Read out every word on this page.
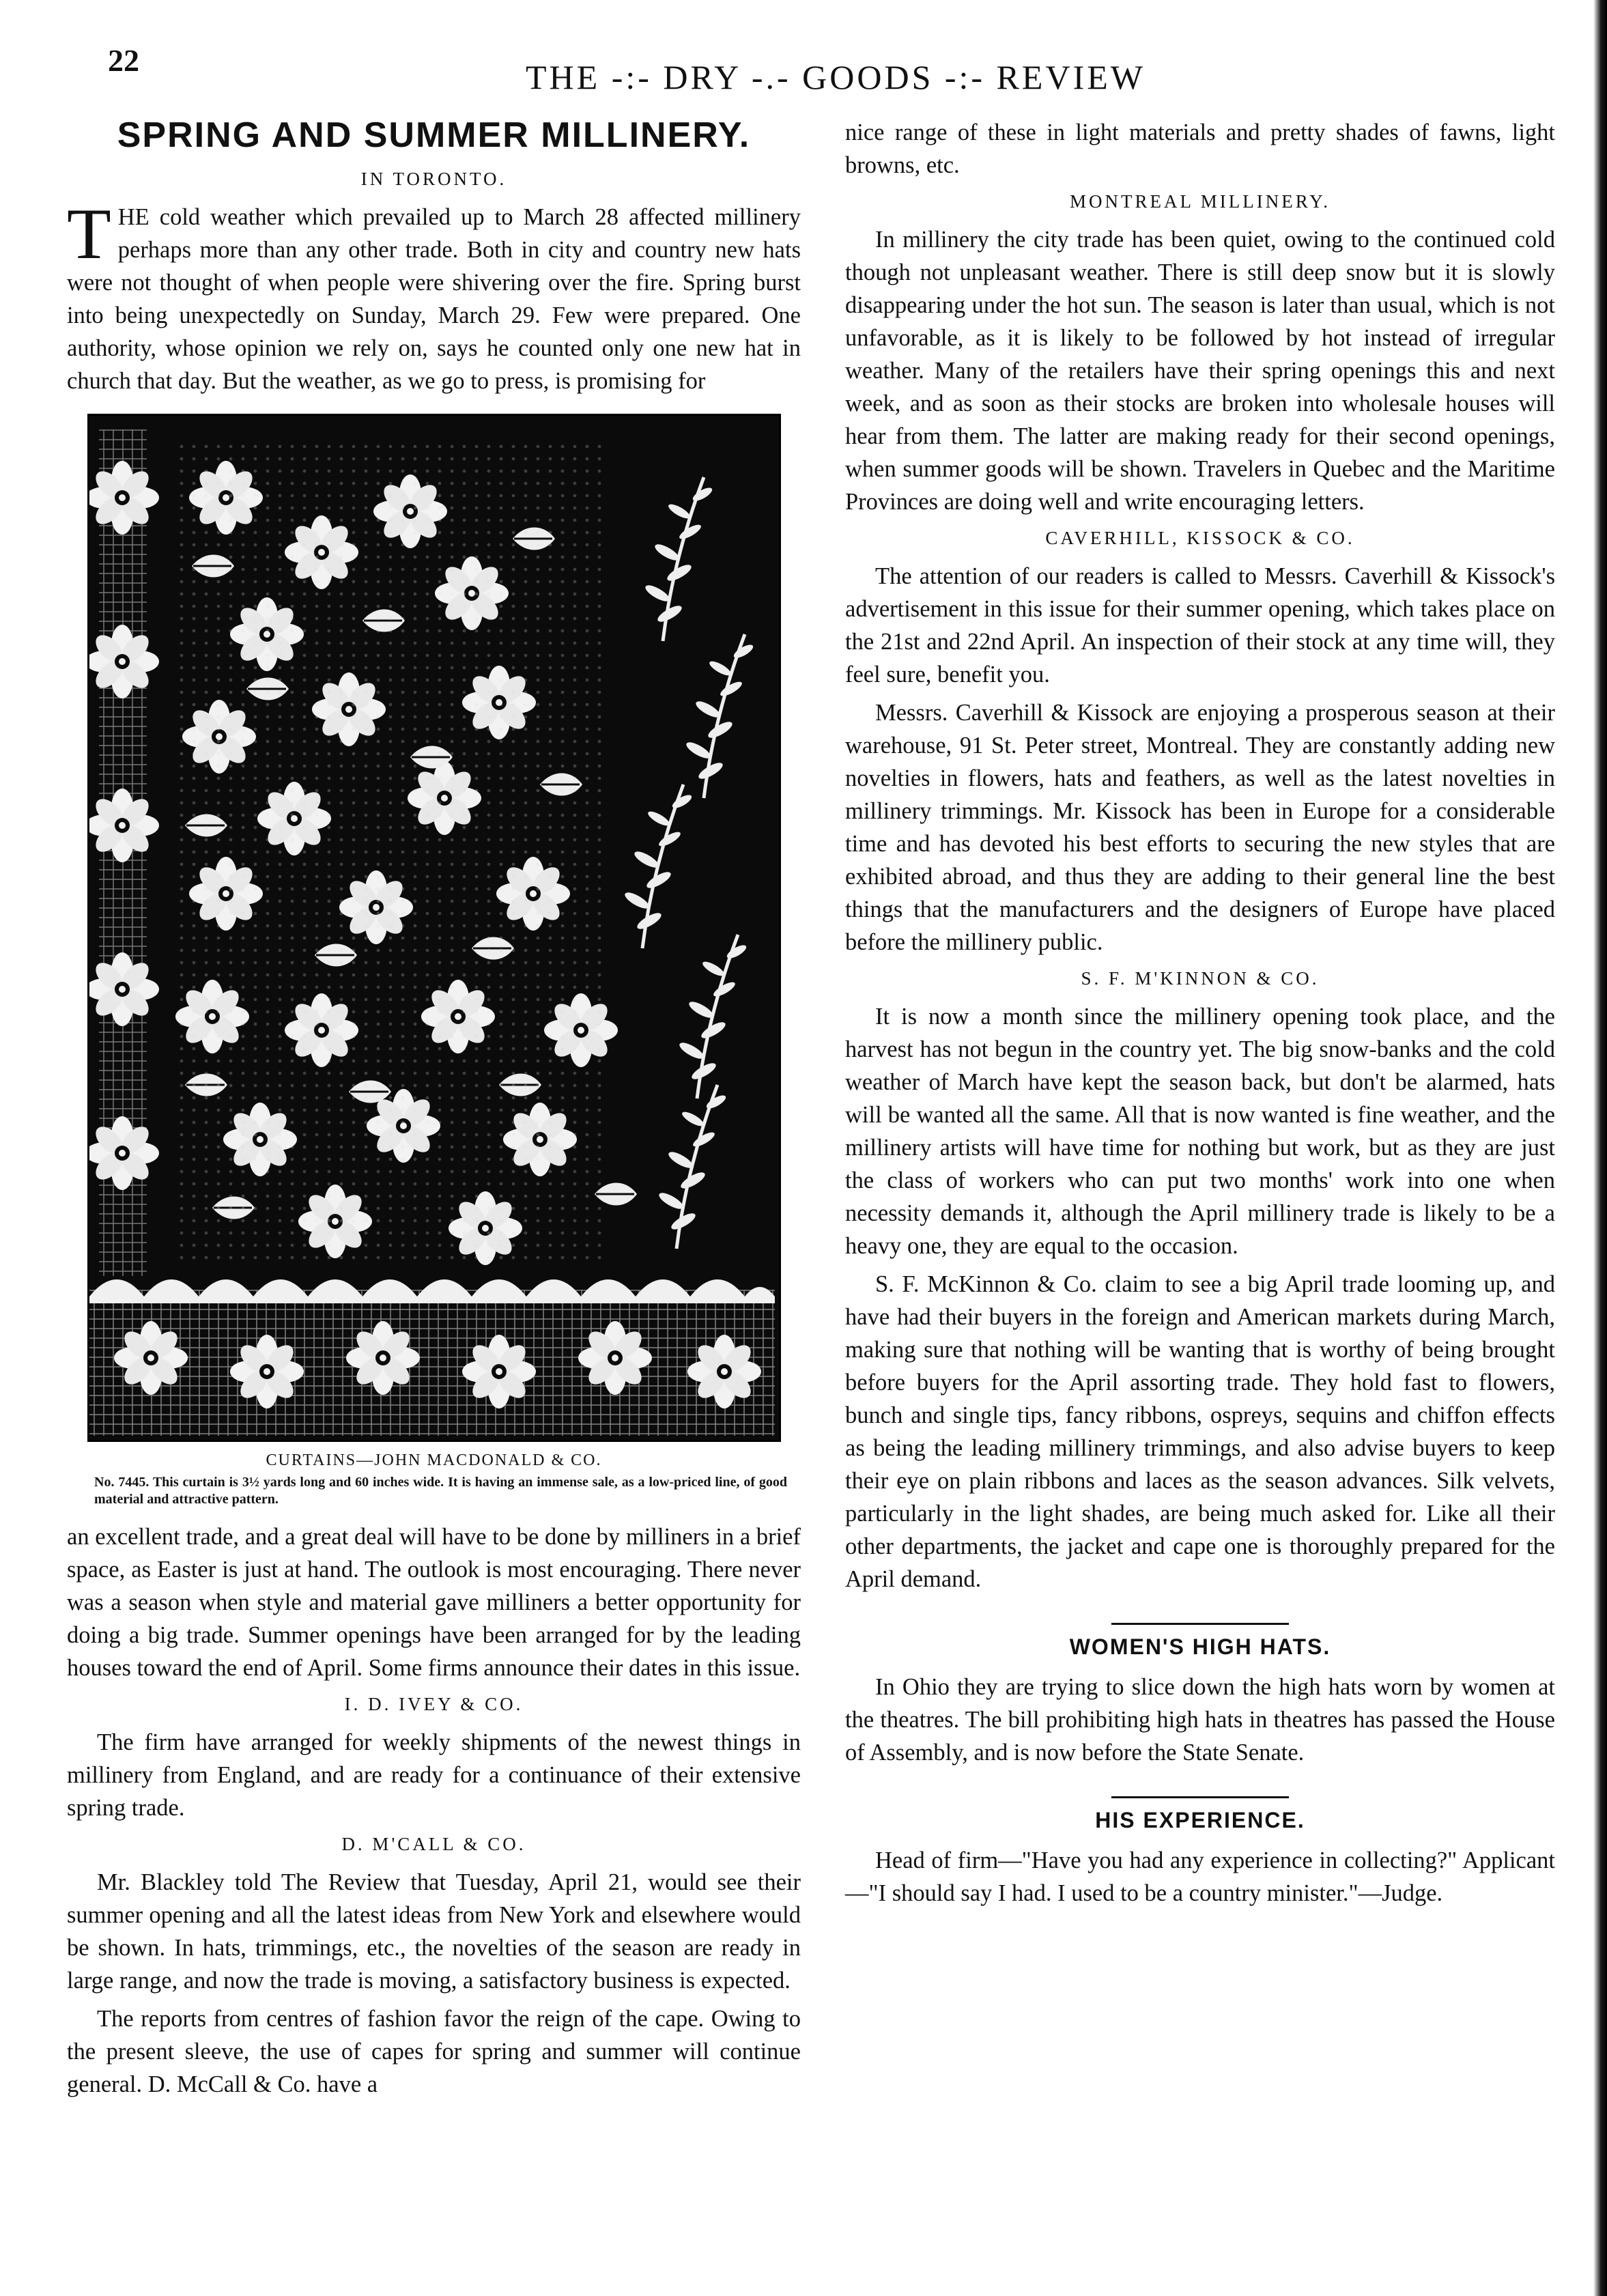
22	THE -:- DRY -.- GOODS -:- REVIEW
SPRING AND SUMMER MILLINERY.
IN TORONTO.

THE cold weather which prevailed up to March 28 affected millinery perhaps more than any other trade. Both in city and country new hats were not thought of when people were shivering over the fire. Spring burst into being unexpectedly on Sunday, March 29. Few were prepared. One authority, whose opinion we rely on, says he counted only one new hat in church that day. But the weather, as we go to press, is promising for

CURTAINS—JOHN MACDONALD & CO.
No. 7445. This curtain is 3½ yards long and 60 inches wide. It is having an immense sale, as a low-priced line, of good material and attractive pattern.

an excellent trade, and a great deal will have to be done by milliners in a brief space, as Easter is just at hand. The outlook is most encouraging. There never was a season when style and material gave milliners a better opportunity for doing a big trade. Summer openings have been arranged for by the leading houses toward the end of April. Some firms announce their dates in this issue.

I. D. IVEY & CO.

The firm have arranged for weekly shipments of the newest things in millinery from England, and are ready for a continuance of their extensive spring trade.

D. M'CALL & CO.

Mr. Blackley told The Review that Tuesday, April 21, would see their summer opening and all the latest ideas from New York and elsewhere would be shown. In hats, trimmings, etc., the novelties of the season are ready in large range, and now the trade is moving, a satisfactory business is expected.

The reports from centres of fashion favor the reign of the cape. Owing to the present sleeve, the use of capes for spring and summer will continue general. D. McCall & Co. have a

nice range of these in light materials and pretty shades of fawns, light browns, etc.

MONTREAL MILLINERY.

In millinery the city trade has been quiet, owing to the continued cold though not unpleasant weather. There is still deep snow but it is slowly disappearing under the hot sun. The season is later than usual, which is not unfavorable, as it is likely to be followed by hot instead of irregular weather. Many of the retailers have their spring openings this and next week, and as soon as their stocks are broken into wholesale houses will hear from them. The latter are making ready for their second openings, when summer goods will be shown. Travelers in Quebec and the Maritime Provinces are doing well and write encouraging letters.

CAVERHILL, KISSOCK & CO.

The attention of our readers is called to Messrs. Caverhill & Kissock's advertisement in this issue for their summer opening, which takes place on the 21st and 22nd April. An inspection of their stock at any time will, they feel sure, benefit you.

Messrs. Caverhill & Kissock are enjoying a prosperous season at their warehouse, 91 St. Peter street, Montreal. They are constantly adding new novelties in flowers, hats and feathers, as well as the latest novelties in millinery trimmings. Mr. Kissock has been in Europe for a considerable time and has devoted his best efforts to securing the new styles that are exhibited abroad, and thus they are adding to their general line the best things that the manufacturers and the designers of Europe have placed before the millinery public.

S. F. M'KINNON & CO.

It is now a month since the millinery opening took place, and the harvest has not begun in the country yet. The big snow-banks and the cold weather of March have kept the season back, but don't be alarmed, hats will be wanted all the same. All that is now wanted is fine weather, and the millinery artists will have time for nothing but work, but as they are just the class of workers who can put two months' work into one when necessity demands it, although the April millinery trade is likely to be a heavy one, they are equal to the occasion.

S. F. McKinnon & Co. claim to see a big April trade looming up, and have had their buyers in the foreign and American markets during March, making sure that nothing will be wanting that is worthy of being brought before buyers for the April assorting trade. They hold fast to flowers, bunch and single tips, fancy ribbons, ospreys, sequins and chiffon effects as being the leading millinery trimmings, and also advise buyers to keep their eye on plain ribbons and laces as the season advances. Silk velvets, particularly in the light shades, are being much asked for. Like all their other departments, the jacket and cape one is thoroughly prepared for the April demand.

WOMEN'S HIGH HATS.

In Ohio they are trying to slice down the high hats worn by women at the theatres. The bill prohibiting high hats in theatres has passed the House of Assembly, and is now before the State Senate.

HIS EXPERIENCE.

Head of firm—"Have you had any experience in collecting?" Applicant—"I should say I had. I used to be a country minister."—Judge.
